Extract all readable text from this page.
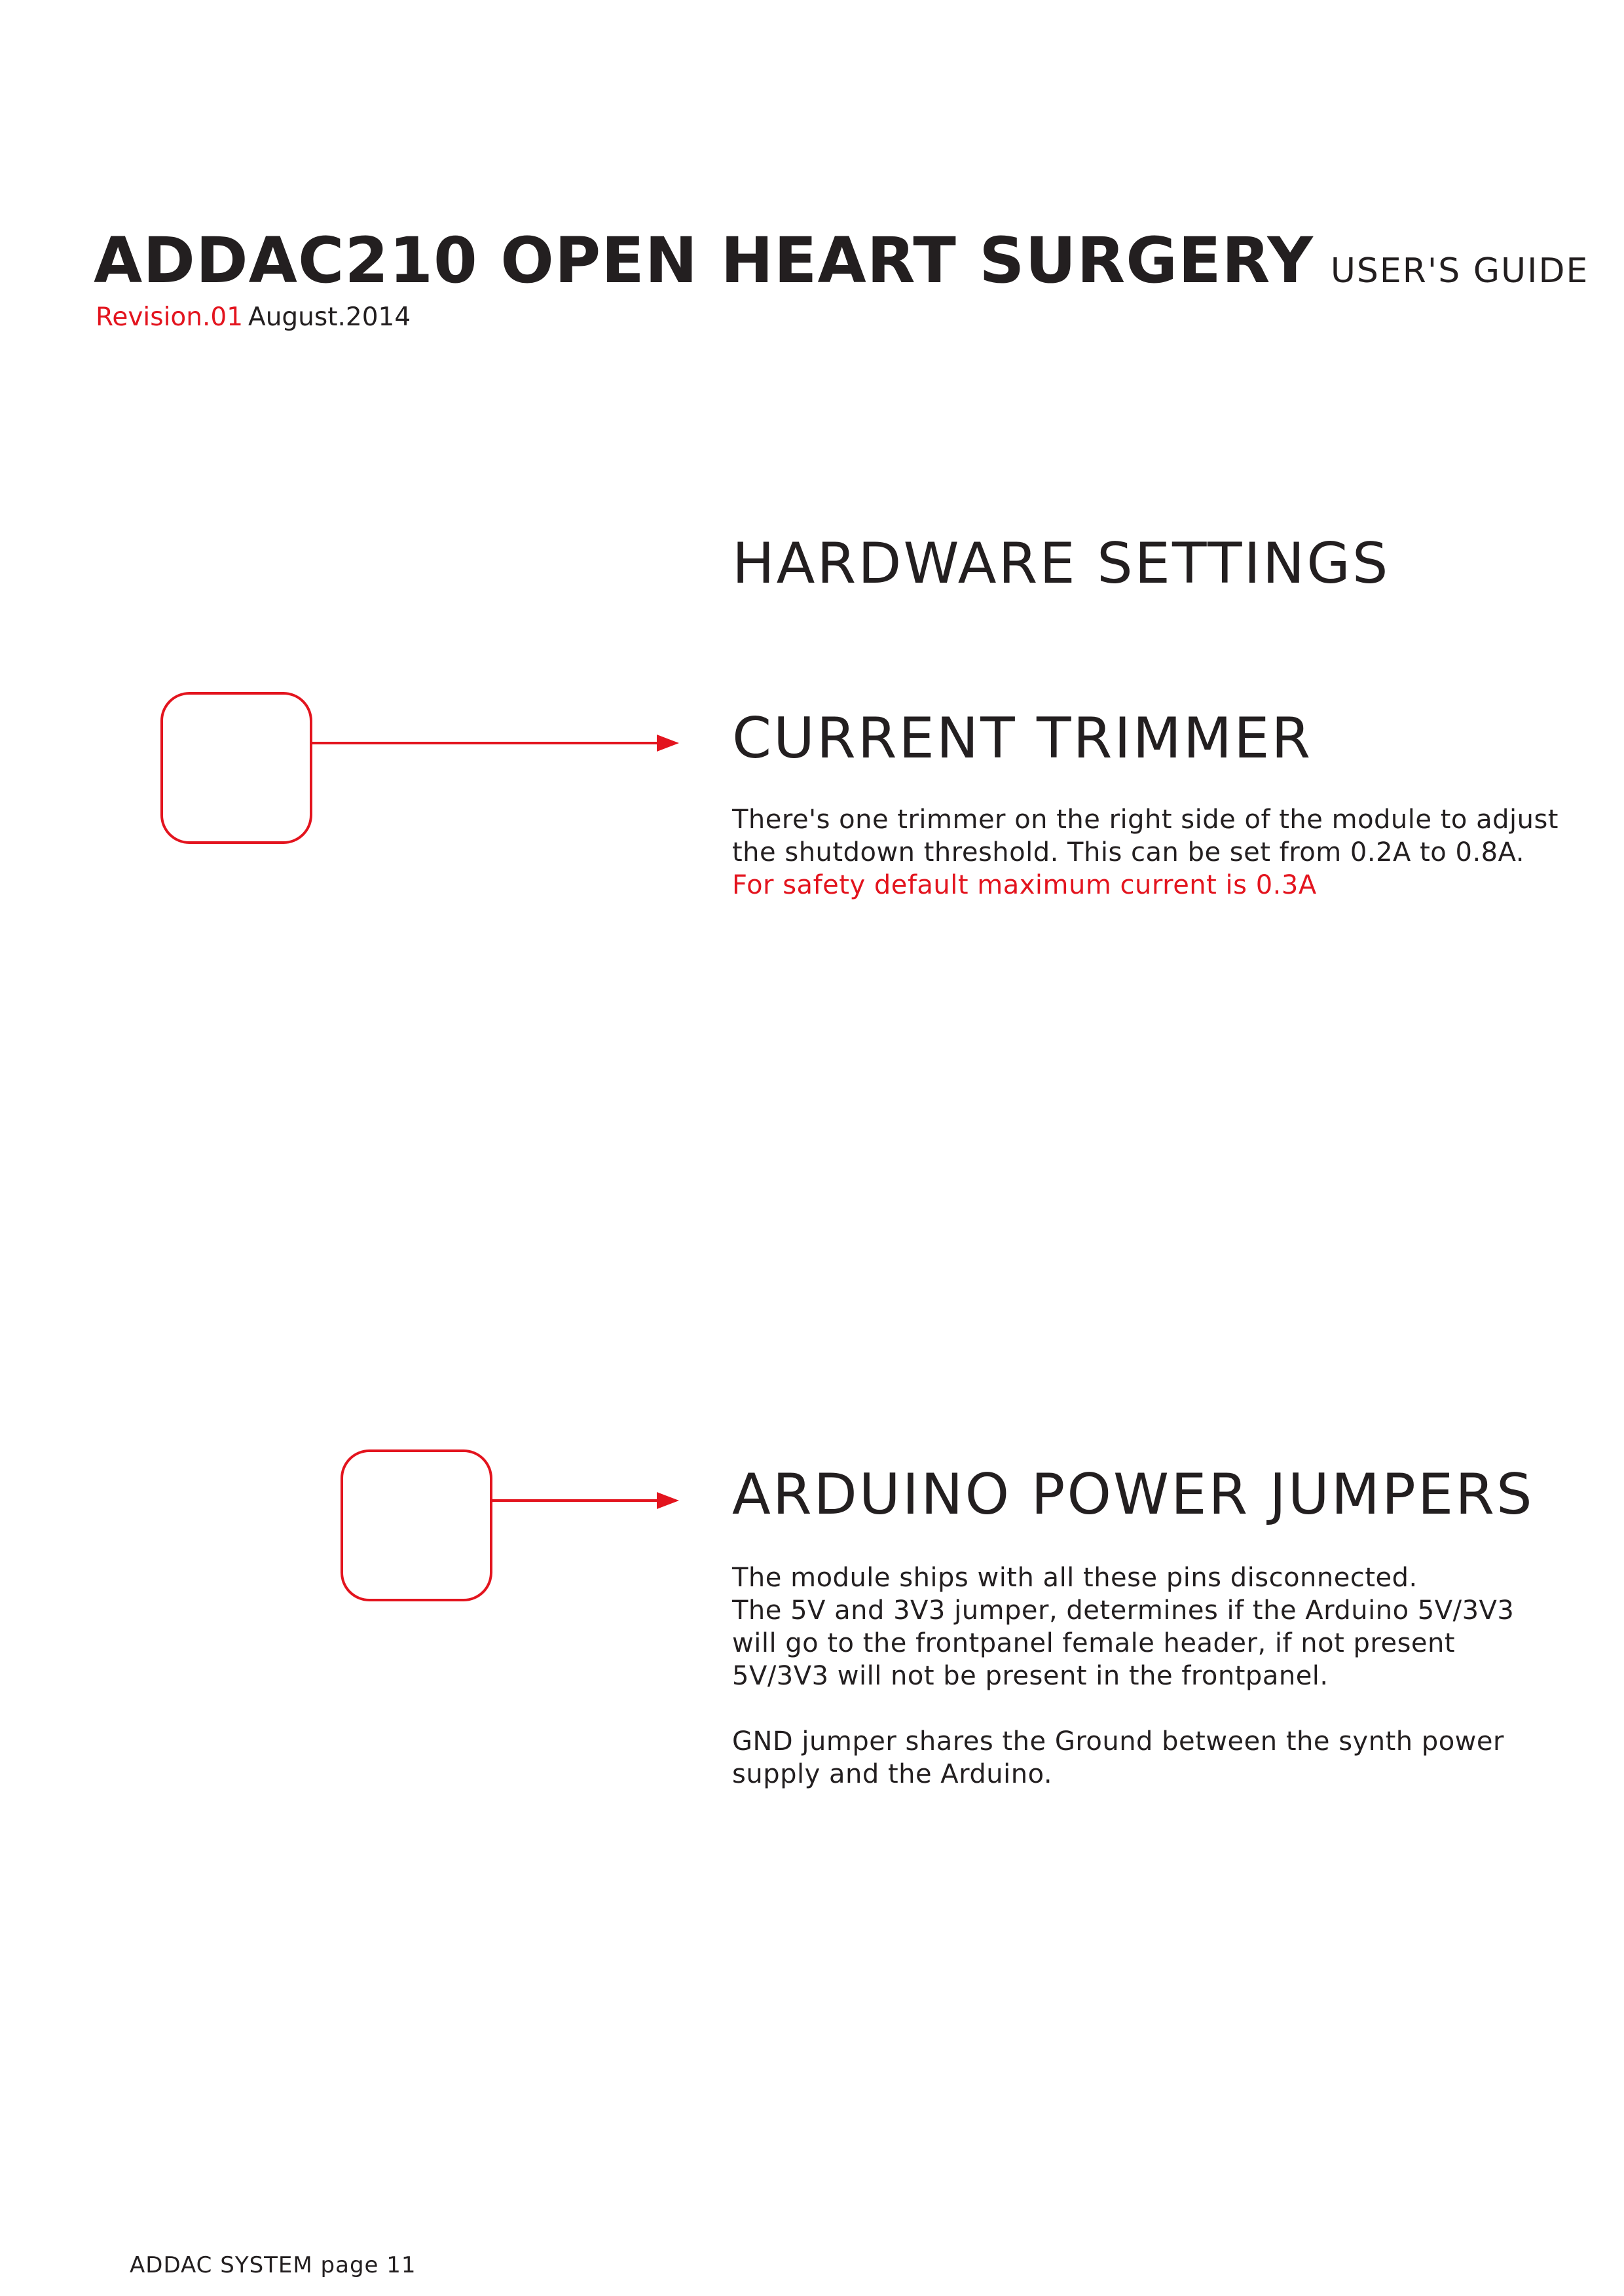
ADDAC210 OPEN HEART SURGERY USER'S GUIDE
Revision.01 August.2014
HARDWARE SETTINGS
CURRENT TRIMMER
There's one trimmer on the right side of the module to adjust
the shutdown threshold. This can be set from 0.2A to 0.8A.
For safety default maximum current is 0.3A
ARDUINO POWER JUMPERS
The module ships with all these pins disconnected.
The 5V and 3V3 jumper, determines if the Arduino 5V/3V3
will go to the frontpanel female header, if not present
5V/3V3 will not be present in the frontpanel.
GND jumper shares the Ground between the synth power
supply and the Arduino.
ADDAC SYSTEM page 11
